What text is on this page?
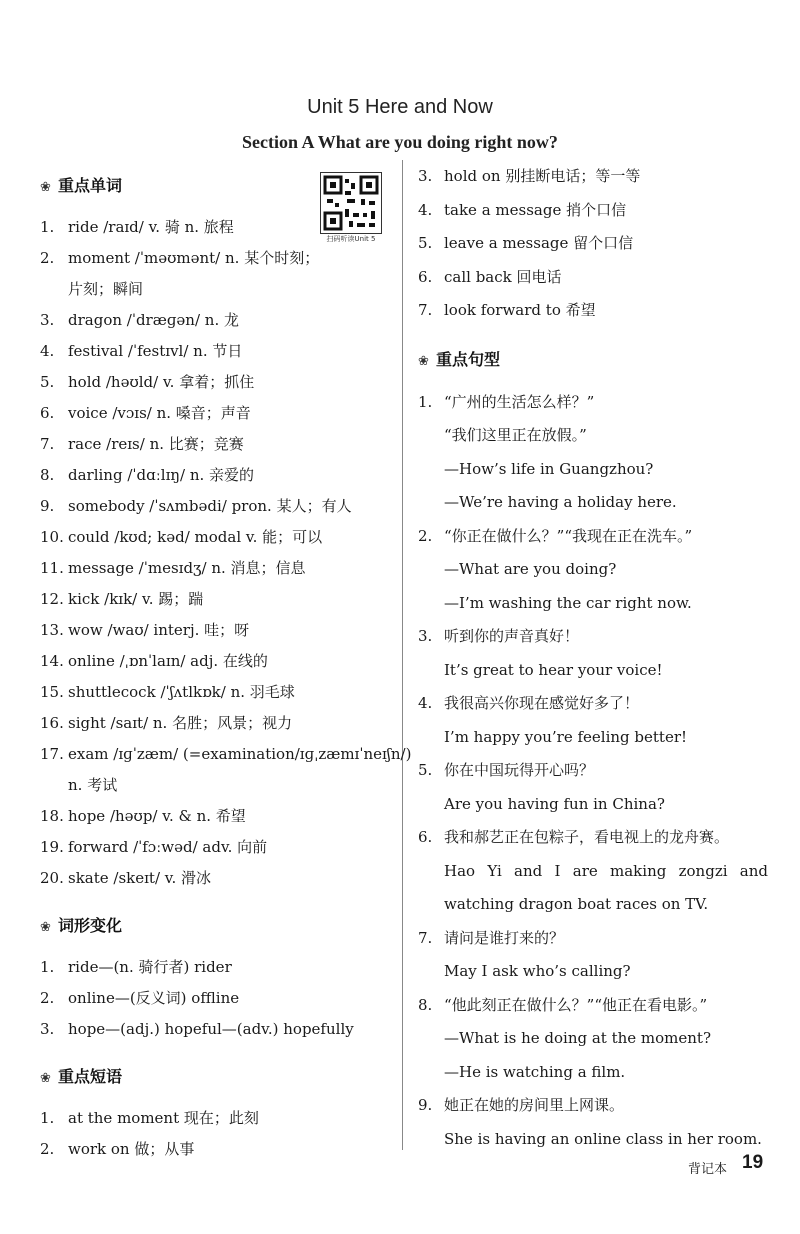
Unit 5 Here and Now
Section A What are you doing right now?
扫码听读Unit 5
❀ 重点单词
1. ride /raɪd/ v. 骑 n. 旅程
2. moment /ˈməʊmənt/ n. 某个时刻；
片刻；瞬间
3. dragon /ˈdræɡən/ n. 龙
4. festival /ˈfestɪvl/ n. 节日
5. hold /həʊld/ v. 拿着；抓住
6. voice /vɔɪs/ n. 嗓音；声音
7. race /reɪs/ n. 比赛；竞赛
8. darling /ˈdɑːlɪŋ/ n. 亲爱的
9. somebody /ˈsʌmbədi/ pron. 某人；有人
10. could /kʊd; kəd/ modal v. 能；可以
11. message /ˈmesɪdʒ/ n. 消息；信息
12. kick /kɪk/ v. 踢；踹
13. wow /waʊ/ interj. 哇；呀
14. online /ˌɒnˈlaɪn/ adj. 在线的
15. shuttlecock /ˈʃʌtlkɒk/ n. 羽毛球
16. sight /saɪt/ n. 名胜；风景；视力
17. exam /ɪɡˈzæm/ (=examination/ɪɡˌzæmɪˈneɪʃn/)
n. 考试
18. hope /həʊp/ v. & n. 希望
19. forward /ˈfɔːwəd/ adv. 向前
20. skate /skeɪt/ v. 滑冰
❀ 词形变化
1. ride—(n. 骑行者) rider
2. online—(反义词) offline
3. hope—(adj.) hopeful—(adv.) hopefully
❀ 重点短语
1. at the moment 现在；此刻
2. work on 做；从事
3. hold on 别挂断电话；等一等
4. take a message 捎个口信
5. leave a message 留个口信
6. call back 回电话
7. look forward to 希望
❀ 重点句型
1. “广州的生活怎么样？”
“我们这里正在放假。”
—How’s life in Guangzhou?
—We’re having a holiday here.
2. “你正在做什么？”“我现在正在洗车。”
—What are you doing?
—I’m washing the car right now.
3. 听到你的声音真好！
It’s great to hear your voice!
4. 我很高兴你现在感觉好多了！
I’m happy you’re feeling better!
5. 你在中国玩得开心吗？
Are you having fun in China?
6. 我和郝艺正在包粽子，看电视上的龙舟赛。
Hao Yi and I are making zongzi and
watching dragon boat races on TV.
7. 请问是谁打来的？
May I ask who’s calling?
8. “他此刻正在做什么？”“他正在看电影。”
—What is he doing at the moment?
—He is watching a film.
9. 她正在她的房间里上网课。
She is having an online class in her room.
背记本 19
